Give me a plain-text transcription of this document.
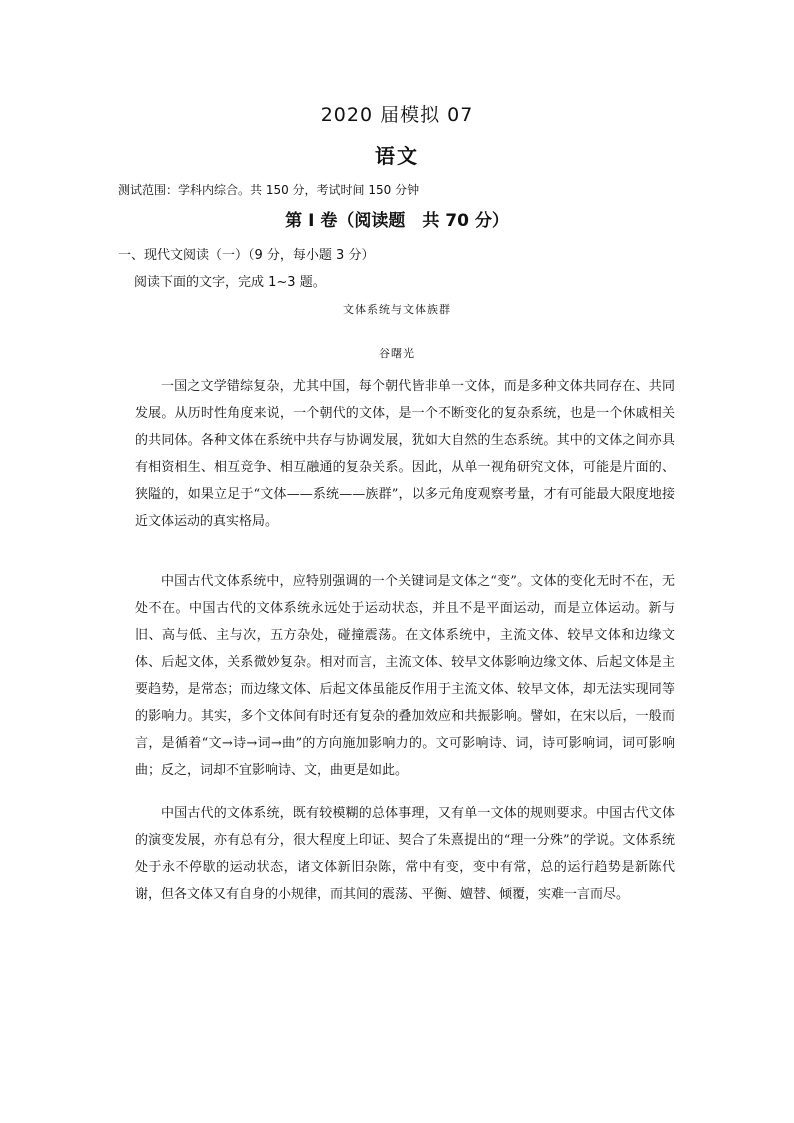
2020 届模拟 07
语文
测试范围：学科内综合。共 150 分，考试时间 150 分钟
第 I 卷（阅读题　共 70 分）
一、现代文阅读（一）（9 分，每小题 3 分）
阅读下面的文字，完成 1~3 题。
文体系统与文体族群
谷曙光

一国之文学错综复杂，尤其中国，每个朝代皆非单一文体，而是多种文体共同存在、共同发展。从历时性角度来说，一个朝代的文体，是一个不断变化的复杂系统，也是一个休戚相关的共同体。各种文体在系统中共存与协调发展，犹如大自然的生态系统。其中的文体之间亦具有相资相生、相互竞争、相互融通的复杂关系。因此，从单一视角研究文体，可能是片面的、狭隘的，如果立足于“文体——系统——族群”，以多元角度观察考量，才有可能最大限度地接近文体运动的真实格局。

中国古代文体系统中，应特别强调的一个关键词是文体之“变”。文体的变化无时不在，无处不在。中国古代的文体系统永远处于运动状态，并且不是平面运动，而是立体运动。新与旧、高与低、主与次，五方杂处，碰撞震荡。在文体系统中，主流文体、较早文体和边缘文体、后起文体，关系微妙复杂。相对而言，主流文体、较早文体影响边缘文体、后起文体是主要趋势，是常态；而边缘文体、后起文体虽能反作用于主流文体、较早文体，却无法实现同等的影响力。其实，多个文体间有时还有复杂的叠加效应和共振影响。譬如，在宋以后，一般而言，是循着“文→诗→词→曲”的方向施加影响力的。文可影响诗、词，诗可影响词，词可影响曲；反之，词却不宜影响诗、文，曲更是如此。

中国古代的文体系统，既有较模糊的总体事理，又有单一文体的规则要求。中国古代文体的演变发展，亦有总有分，很大程度上印证、契合了朱熹提出的“理一分殊”的学说。文体系统处于永不停歇的运动状态，诸文体新旧杂陈，常中有变，变中有常，总的运行趋势是新陈代谢，但各文体又有自身的小规律，而其间的震荡、平衡、嬗替、倾覆，实难一言而尽。
